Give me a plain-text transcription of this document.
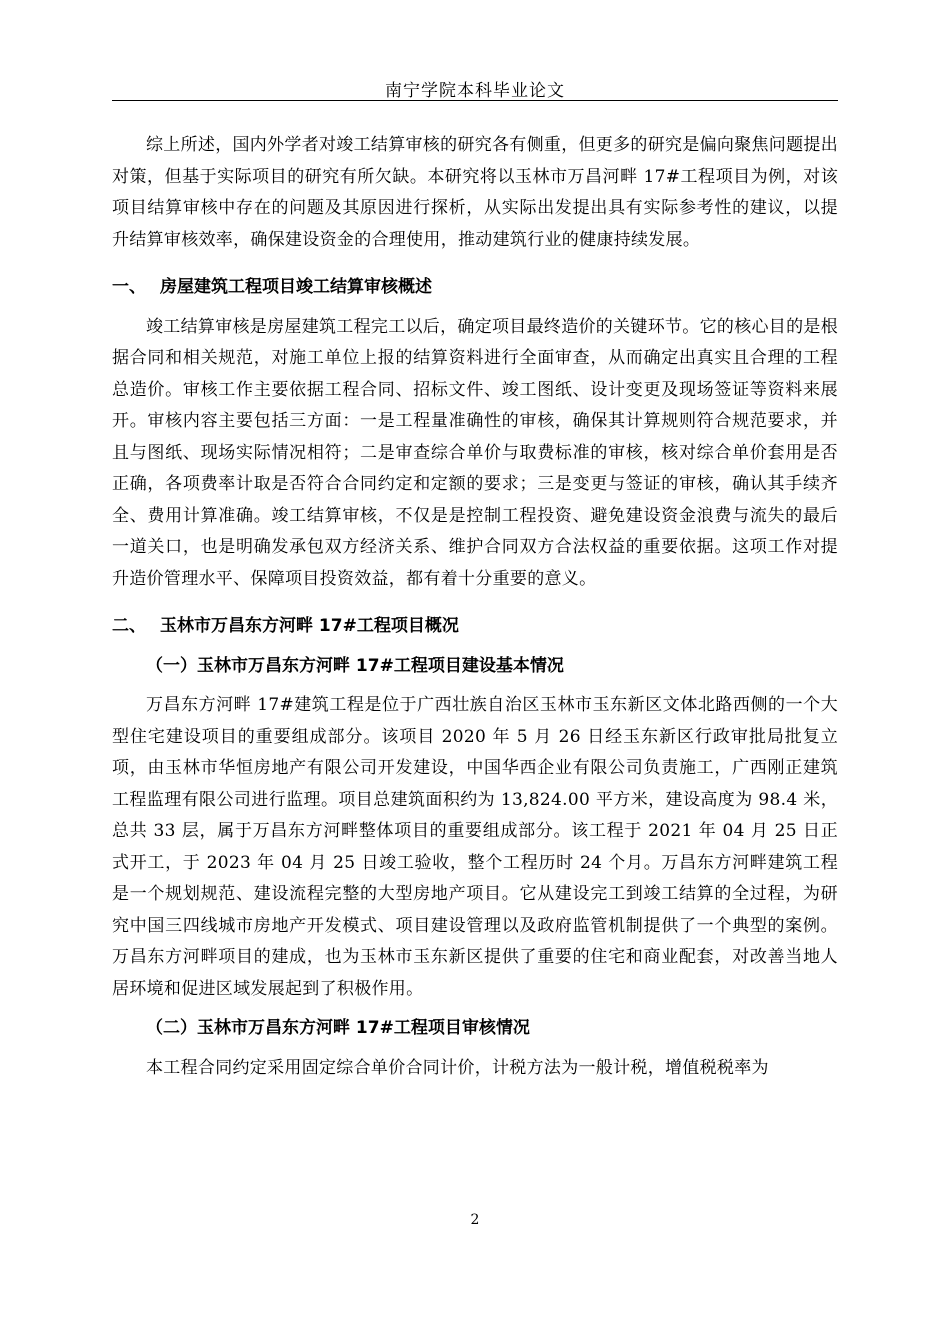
南宁学院本科毕业论文

综上所述，国内外学者对竣工结算审核的研究各有侧重，但更多的研究是偏向聚焦问题提出对策，但基于实际项目的研究有所欠缺。本研究将以玉林市万昌河畔 17#工程项目为例，对该项目结算审核中存在的问题及其原因进行探析，从实际出发提出具有实际参考性的建议，以提升结算审核效率，确保建设资金的合理使用，推动建筑行业的健康持续发展。

一、 房屋建筑工程项目竣工结算审核概述

竣工结算审核是房屋建筑工程完工以后，确定项目最终造价的关键环节。它的核心目的是根据合同和相关规范，对施工单位上报的结算资料进行全面审查，从而确定出真实且合理的工程总造价。审核工作主要依据工程合同、招标文件、竣工图纸、设计变更及现场签证等资料来展开。审核内容主要包括三方面：一是工程量准确性的审核，确保其计算规则符合规范要求，并且与图纸、现场实际情况相符；二是审查综合单价与取费标准的审核，核对综合单价套用是否正确，各项费率计取是否符合合同约定和定额的要求；三是变更与签证的审核，确认其手续齐全、费用计算准确。竣工结算审核，不仅是是控制工程投资、避免建设资金浪费与流失的最后一道关口，也是明确发承包双方经济关系、维护合同双方合法权益的重要依据。这项工作对提升造价管理水平、保障项目投资效益，都有着十分重要的意义。

二、 玉林市万昌东方河畔 17#工程项目概况
（一）玉林市万昌东方河畔 17#工程项目建设基本情况

万昌东方河畔 17#建筑工程是位于广西壮族自治区玉林市玉东新区文体北路西侧的一个大型住宅建设项目的重要组成部分。该项目 2020 年 5 月 26 日经玉东新区行政审批局批复立项，由玉林市华恒房地产有限公司开发建设，中国华西企业有限公司负责施工，广西刚正建筑工程监理有限公司进行监理。项目总建筑面积约为 13,824.00 平方米，建设高度为 98.4 米，总共 33 层，属于万昌东方河畔整体项目的重要组成部分。该工程于 2021 年 04 月 25 日正式开工，于 2023 年 04 月 25 日竣工验收，整个工程历时 24 个月。万昌东方河畔建筑工程是一个规划规范、建设流程完整的大型房地产项目。它从建设完工到竣工结算的全过程，为研究中国三四线城市房地产开发模式、项目建设管理以及政府监管机制提供了一个典型的案例。万昌东方河畔项目的建成，也为玉林市玉东新区提供了重要的住宅和商业配套，对改善当地人居环境和促进区域发展起到了积极作用。

（二）玉林市万昌东方河畔 17#工程项目审核情况

本工程合同约定采用固定综合单价合同计价，计税方法为一般计税，增值税税率为

2
